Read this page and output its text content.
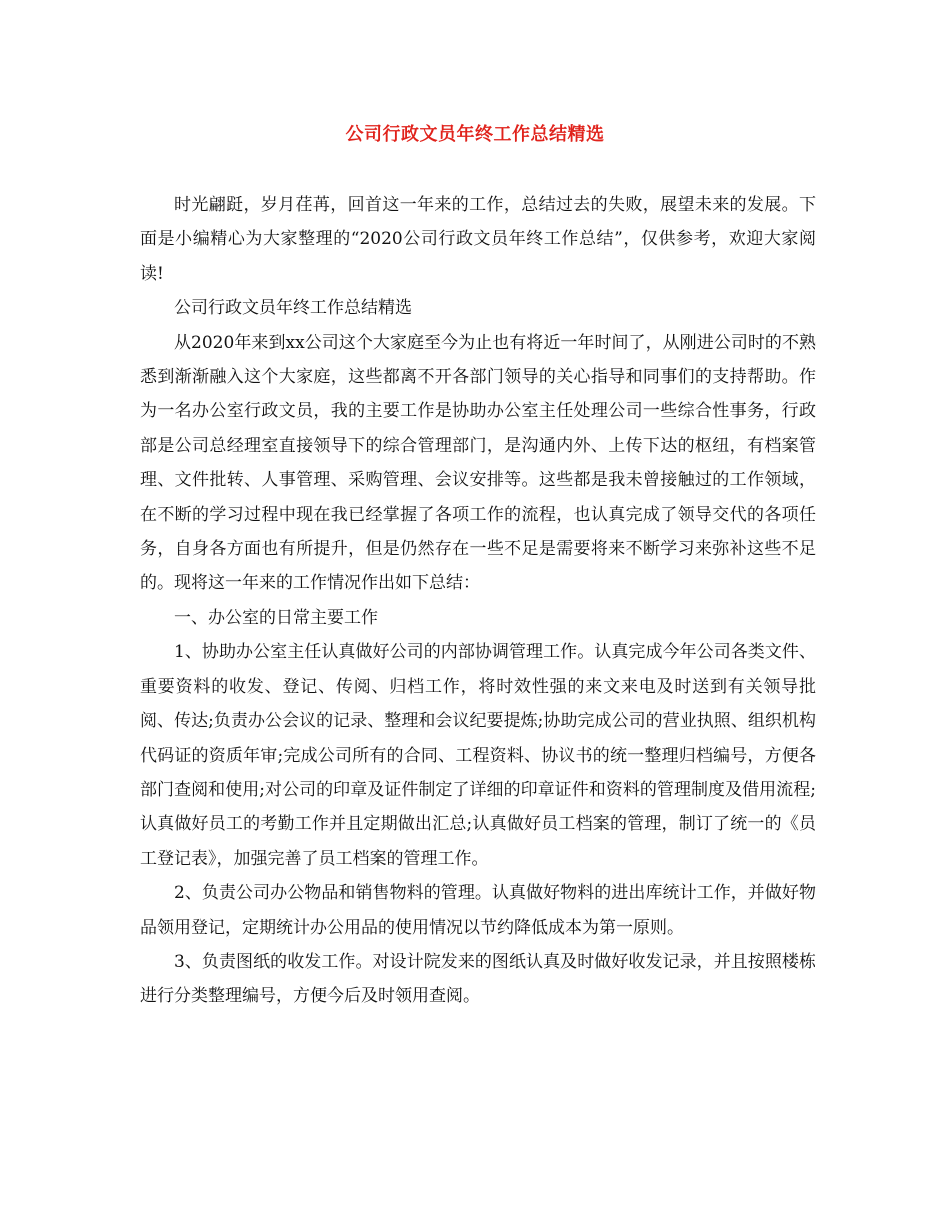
公司行政文员年终工作总结精选

时光翩跹，岁月荏苒，回首这一年来的工作，总结过去的失败，展望未来的发展。下面是小编精心为大家整理的“2020公司行政文员年终工作总结”，仅供参考，欢迎大家阅读!

公司行政文员年终工作总结精选

从2020年来到xx公司这个大家庭至今为止也有将近一年时间了，从刚进公司时的不熟悉到渐渐融入这个大家庭，这些都离不开各部门领导的关心指导和同事们的支持帮助。作为一名办公室行政文员，我的主要工作是协助办公室主任处理公司一些综合性事务，行政部是公司总经理室直接领导下的综合管理部门，是沟通内外、上传下达的枢纽，有档案管理、文件批转、人事管理、采购管理、会议安排等。这些都是我未曾接触过的工作领域，在不断的学习过程中现在我已经掌握了各项工作的流程，也认真完成了领导交代的各项任务，自身各方面也有所提升，但是仍然存在一些不足是需要将来不断学习来弥补这些不足的。现将这一年来的工作情况作出如下总结：

一、办公室的日常主要工作

1、协助办公室主任认真做好公司的内部协调管理工作。认真完成今年公司各类文件、重要资料的收发、登记、传阅、归档工作，将时效性强的来文来电及时送到有关领导批阅、传达;负责办公会议的记录、整理和会议纪要提炼;协助完成公司的营业执照、组织机构代码证的资质年审;完成公司所有的合同、工程资料、协议书的统一整理归档编号，方便各部门查阅和使用;对公司的印章及证件制定了详细的印章证件和资料的管理制度及借用流程;认真做好员工的考勤工作并且定期做出汇总;认真做好员工档案的管理，制订了统一的《员工登记表》，加强完善了员工档案的管理工作。

2、负责公司办公物品和销售物料的管理。认真做好物料的进出库统计工作，并做好物品领用登记，定期统计办公用品的使用情况以节约降低成本为第一原则。

3、负责图纸的收发工作。对设计院发来的图纸认真及时做好收发记录，并且按照楼栋进行分类整理编号，方便今后及时领用查阅。
